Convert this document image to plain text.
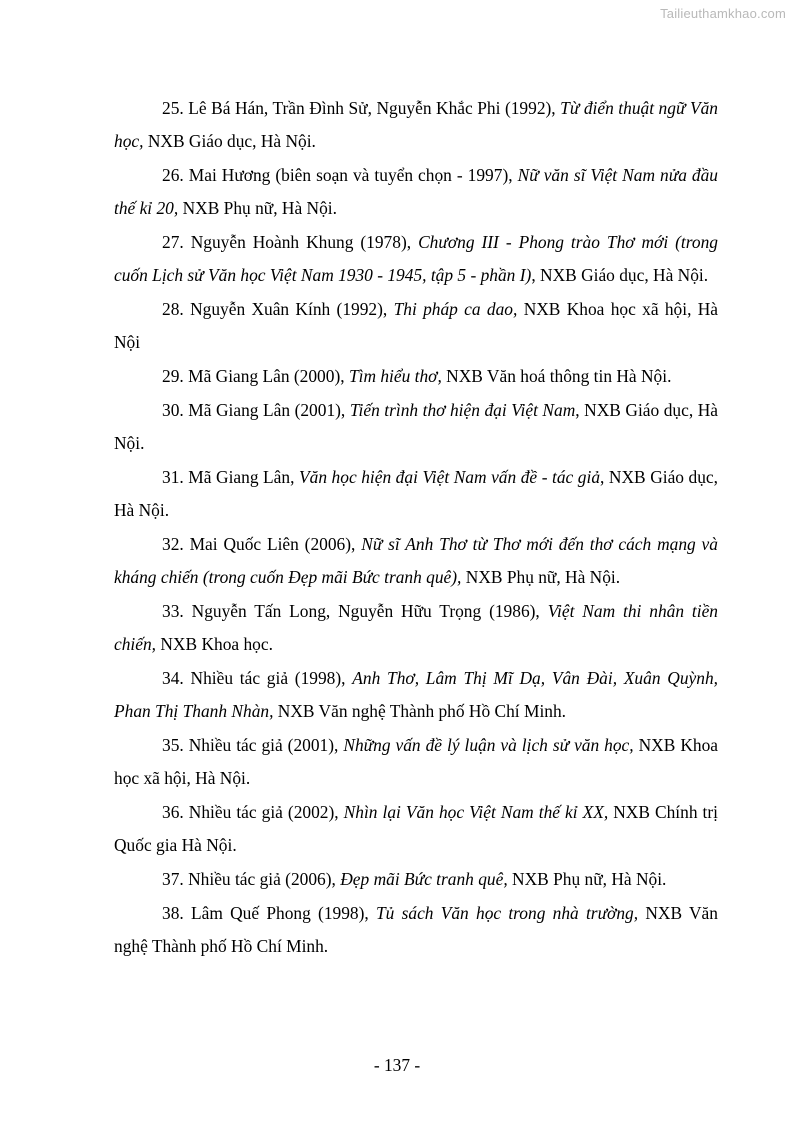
Tailieuthamkhao.com

25. Lê Bá Hán, Trần Đình Sử, Nguyễn Khắc Phi (1992), Từ điển thuật ngữ Văn học, NXB Giáo dục, Hà Nội.

26. Mai Hương (biên soạn và tuyển chọn - 1997), Nữ văn sĩ Việt Nam nửa đầu thế kỉ 20, NXB Phụ nữ, Hà Nội.

27. Nguyễn Hoành Khung (1978), Chương III - Phong trào Thơ mới (trong cuốn Lịch sử Văn học Việt Nam 1930 - 1945, tập 5 - phần I), NXB Giáo dục, Hà Nội.

28. Nguyễn Xuân Kính (1992), Thi pháp ca dao, NXB Khoa học xã hội, Hà Nội

29. Mã Giang Lân (2000), Tìm hiểu thơ, NXB Văn hoá thông tin Hà Nội.

30. Mã Giang Lân (2001), Tiến trình thơ hiện đại Việt Nam, NXB Giáo dục, Hà Nội.

31. Mã Giang Lân, Văn học hiện đại Việt Nam vấn đề - tác giả, NXB Giáo dục, Hà Nội.

32. Mai Quốc Liên (2006), Nữ sĩ Anh Thơ từ Thơ mới đến thơ cách mạng và kháng chiến (trong cuốn Đẹp mãi Bức tranh quê), NXB Phụ nữ, Hà Nội.

33. Nguyễn Tấn Long, Nguyễn Hữu Trọng (1986), Việt Nam thi nhân tiền chiến, NXB Khoa học.

34. Nhiều tác giả (1998), Anh Thơ, Lâm Thị Mĩ Dạ, Vân Đài, Xuân Quỳnh, Phan Thị Thanh Nhàn, NXB Văn nghệ Thành phố Hồ Chí Minh.

35. Nhiều tác giả (2001), Những vấn đề lý luận và lịch sử văn học, NXB Khoa học xã hội, Hà Nội.

36. Nhiều tác giả (2002), Nhìn lại Văn học Việt Nam thế kỉ XX, NXB Chính trị Quốc gia Hà Nội.

37. Nhiều tác giả (2006), Đẹp mãi Bức tranh quê, NXB Phụ nữ, Hà Nội.

38. Lâm Quế Phong (1998), Tủ sách Văn học trong nhà trường, NXB Văn nghệ Thành phố Hồ Chí Minh.

- 137 -
